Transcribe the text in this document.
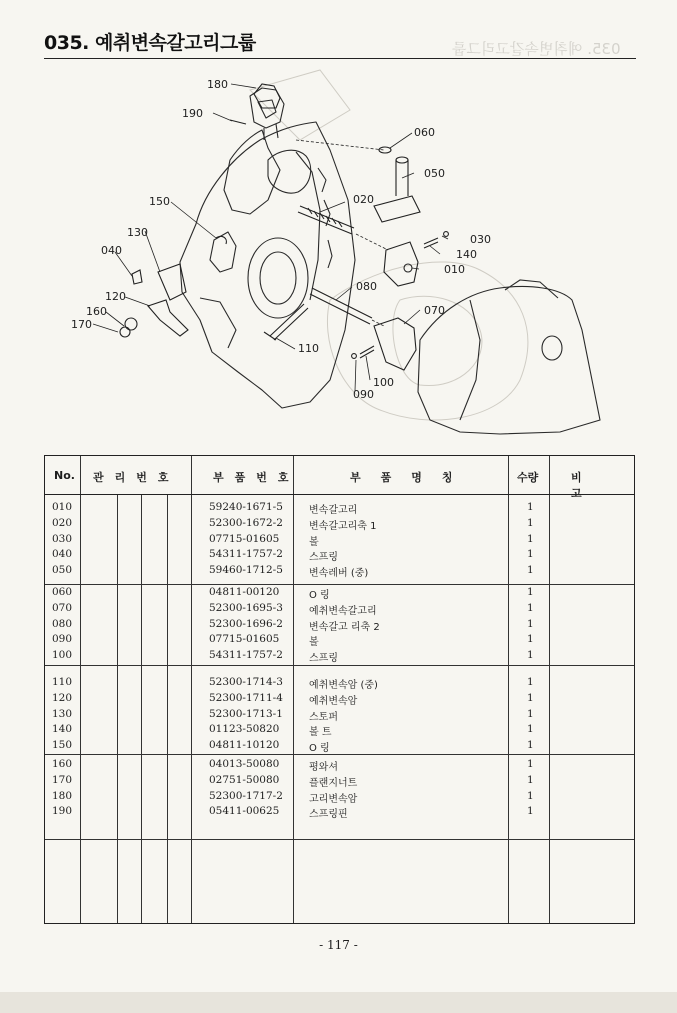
035. 예취변속갈고리그룹	035. 예취변속갈고리그룹
180
190
060
050
150	020
130
030
040	140
010
080
120
070
160
170
110
100
090
No. 관리번호	부품번호	부품명칭	수량	비고
010	59240-1671-5	변속갈고리	1
020	52300-1672-2	변속갈고리축 1	1
030	07715-01605	볼	1
040	54311-1757-2	스프링	1
050	59460-1712-5	변속레버 (중)	1
060	04811-00120	O 링	1
070	52300-1695-3	예취변속갈고리	1
080	52300-1696-2	변속갈고 리축 2	1
090	07715-01605	볼	1
100	54311-1757-2	스프링	1
110	52300-1714-3	예취변속암 (중)	1
120	52300-1711-4	예취변속암	1
130	52300-1713-1	스토퍼	1
140	01123-50820	볼 트	1
150	04811-10120	O 링	1
160	04013-50080	평와셔	1
170	02751-50080	플랜지너트	1
180	52300-1717-2	고리변속암	1
190	05411-00625	스프링핀	1
- 117 -
